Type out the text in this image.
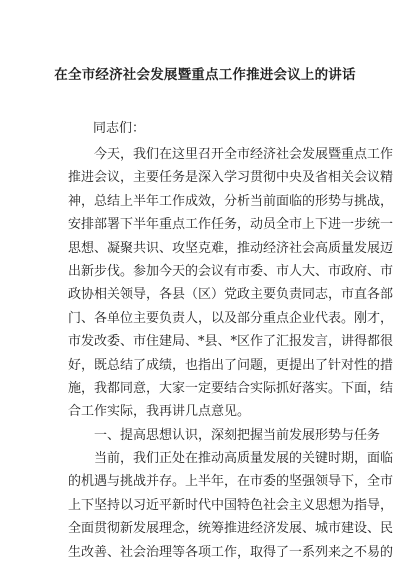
在全市经济社会发展暨重点工作推进会议上的讲话
同志们：
今天，我们在这里召开全市经济社会发展暨重点工作
推进会议，主要任务是深入学习贯彻中央及省相关会议精
神，总结上半年工作成效，分析当前面临的形势与挑战，
安排部署下半年重点工作任务，动员全市上下进一步统一
思想、凝聚共识、攻坚克难，推动经济社会高质量发展迈
出新步伐。参加今天的会议有市委、市人大、市政府、市
政协相关领导，各县（区）党政主要负责同志，市直各部
门、各单位主要负责人，以及部分重点企业代表。刚才，
市发改委、市住建局、*县、*区作了汇报发言，讲得都很
好，既总结了成绩，也指出了问题，更提出了针对性的措
施，我都同意，大家一定要结合实际抓好落实。下面，结
合工作实际，我再讲几点意见。
一、提高思想认识，深刻把握当前发展形势与任务
当前，我们正处在推动高质量发展的关键时期，面临
的机遇与挑战并存。上半年，在市委的坚强领导下，全市
上下坚持以习近平新时代中国特色社会主义思想为指导，
全面贯彻新发展理念，统筹推进经济发展、城市建设、民
生改善、社会治理等各项工作，取得了一系列来之不易的
